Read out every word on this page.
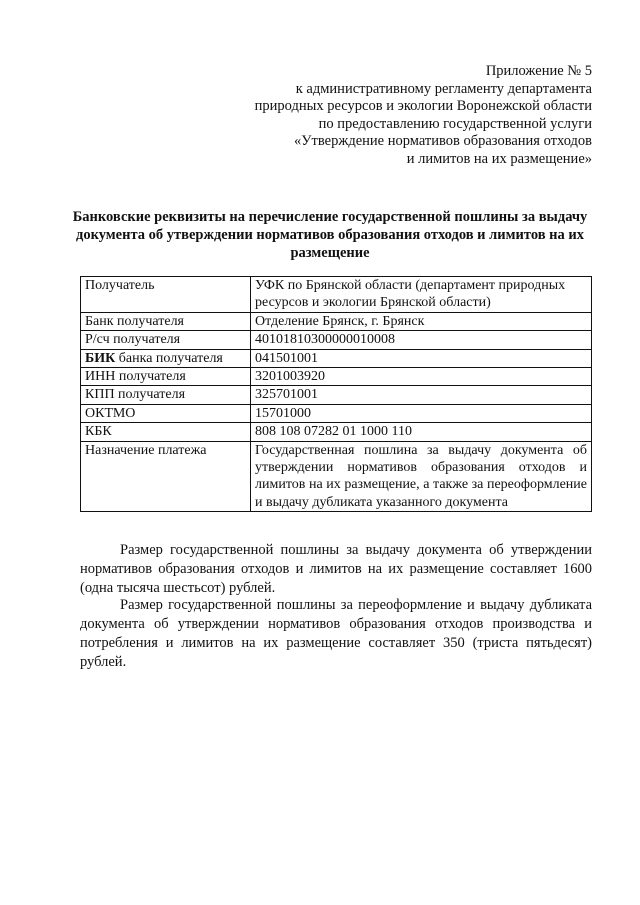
Приложение № 5
к административному регламенту департамента
природных ресурсов и экологии Воронежской области
по предоставлению государственной услуги
«Утверждение нормативов образования отходов
и лимитов на их размещение»
Банковские реквизиты на перечисление государственной пошлины за выдачу документа об утверждении нормативов образования отходов и лимитов на их размещение
Получатель	УФК по Брянской области (департамент природных ресурсов и экологии Брянской области)
Банк получателя	Отделение Брянск, г. Брянск
Р/сч получателя	40101810300000010008
БИК банка получателя	041501001
ИНН получателя	3201003920
КПП получателя	325701001
ОКТМО	15701000
КБК	808 108 07282 01 1000 110
Назначение платежа	Государственная пошлина за выдачу документа об утверждении нормативов образования отходов и лимитов на их размещение, а также за переоформление и выдачу дубликата указанного документа

Размер государственной пошлины за выдачу документа об утверждении нормативов образования отходов и лимитов на их размещение составляет 1600 (одна тысяча шестьсот) рублей.

Размер государственной пошлины за переоформление и выдачу дубликата документа об утверждении нормативов образования отходов производства и потребления и лимитов на их размещение составляет 350 (триста пятьдесят) рублей.
